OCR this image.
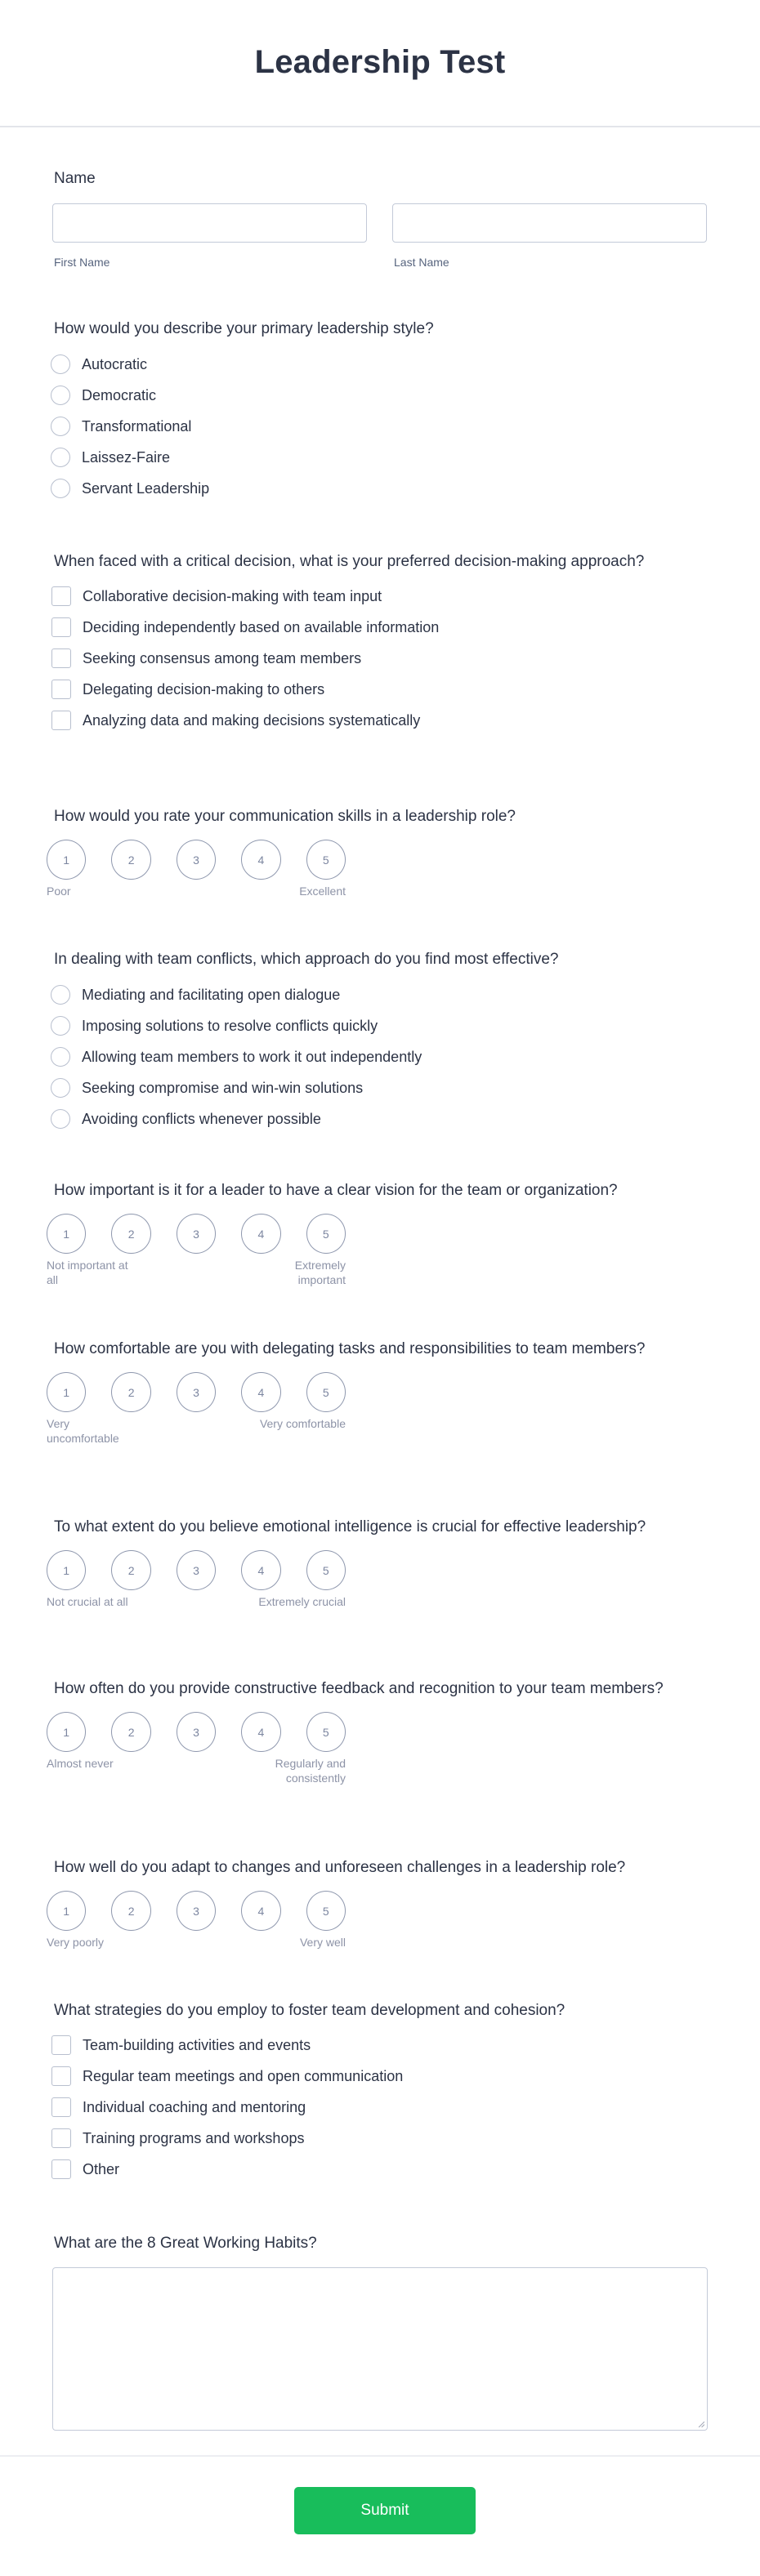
Leadership Test
Name
First Name	Last Name
How would you describe your primary leadership style?
Autocratic
Democratic
Transformational
Laissez-Faire
Servant Leadership
When faced with a critical decision, what is your preferred decision-making approach?
Collaborative decision-making with team input
Deciding independently based on available information
Seeking consensus among team members
Delegating decision-making to others
Analyzing data and making decisions systematically
How would you rate your communication skills in a leadership role?
1	2	3	4	5
Poor	Excellent
In dealing with team conflicts, which approach do you find most effective?
Mediating and facilitating open dialogue
Imposing solutions to resolve conflicts quickly
Allowing team members to work it out independently
Seeking compromise and win-win solutions
Avoiding conflicts whenever possible
How important is it for a leader to have a clear vision for the team or organization?
1	2	3	4	5
Not important at all
Extremely important
How comfortable are you with delegating tasks and responsibilities to team members?
1	2	3	4	5
Very uncomfortable
Very comfortable
To what extent do you believe emotional intelligence is crucial for effective leadership?
1	2	3	4	5
Not crucial at all	Extremely crucial
How often do you provide constructive feedback and recognition to your team members?
1	2	3	4	5
Almost never	Regularly and consistently
How well do you adapt to changes and unforeseen challenges in a leadership role?
1	2	3	4	5
Very poorly	Very well
What strategies do you employ to foster team development and cohesion?
Team-building activities and events
Regular team meetings and open communication
Individual coaching and mentoring
Training programs and workshops
Other
What are the 8 Great Working Habits?
Submit
